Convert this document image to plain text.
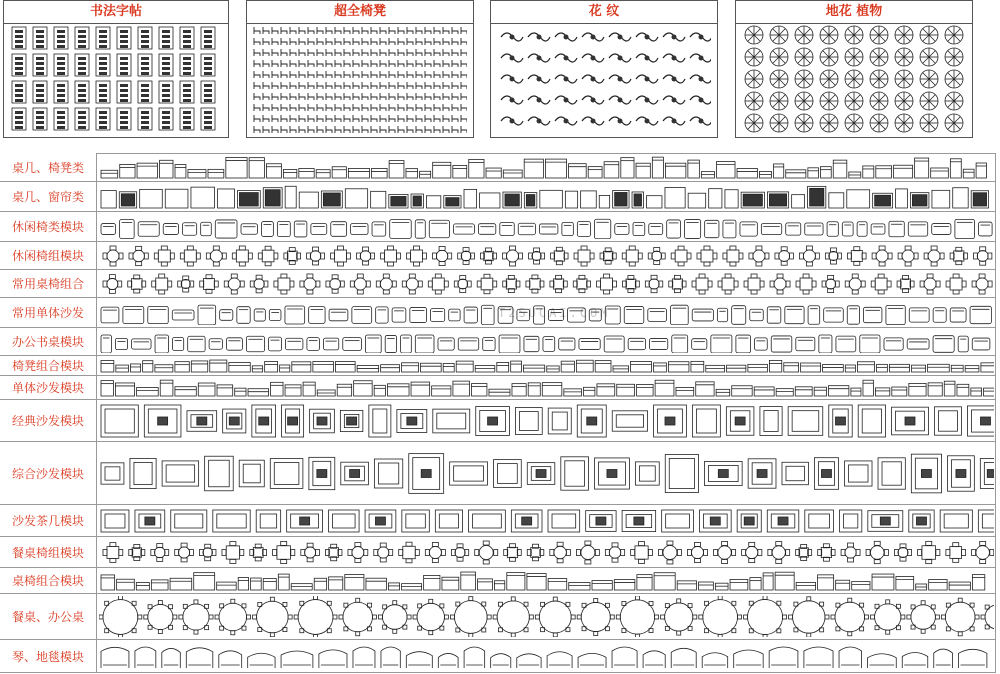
书法字帖	超全椅凳	花 纹	地花 植物
T2SUCAI.COM
桌几、椅凳类
桌几、窗帘类
休闲椅类模块
休闲椅组模块
常用桌椅组合
常用单体沙发
办公书桌模块
椅凳组合模块
单体沙发模块
经典沙发模块
综合沙发模块
沙发茶几模块
餐桌椅组模块
桌椅组合模块
餐桌、办公桌
琴、地毯模块
